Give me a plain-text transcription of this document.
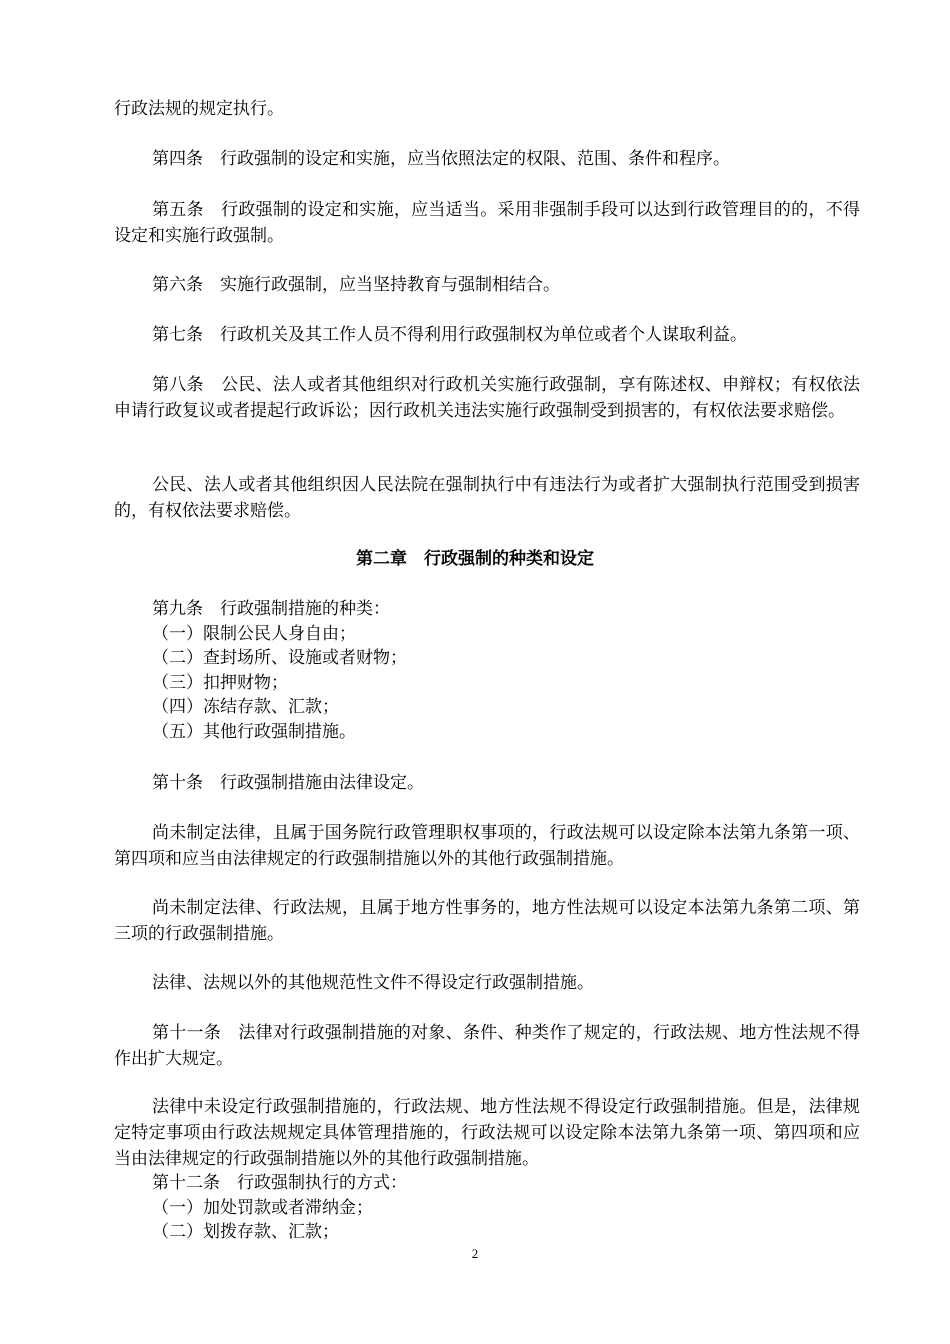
行政法规的规定执行。

第四条　行政强制的设定和实施，应当依照法定的权限、范围、条件和程序。

第五条　行政强制的设定和实施，应当适当。采用非强制手段可以达到行政管理目的的，不得设定和实施行政强制。

第六条　实施行政强制，应当坚持教育与强制相结合。

第七条　行政机关及其工作人员不得利用行政强制权为单位或者个人谋取利益。

第八条　公民、法人或者其他组织对行政机关实施行政强制，享有陈述权、申辩权；有权依法申请行政复议或者提起行政诉讼；因行政机关违法实施行政强制受到损害的，有权依法要求赔偿。

公民、法人或者其他组织因人民法院在强制执行中有违法行为或者扩大强制执行范围受到损害的，有权依法要求赔偿。

第二章　行政强制的种类和设定

第九条　行政强制措施的种类：

（一）限制公民人身自由；

（二）查封场所、设施或者财物；

（三）扣押财物；

（四）冻结存款、汇款；

（五）其他行政强制措施。

第十条　行政强制措施由法律设定。

尚未制定法律，且属于国务院行政管理职权事项的，行政法规可以设定除本法第九条第一项、第四项和应当由法律规定的行政强制措施以外的其他行政强制措施。

尚未制定法律、行政法规，且属于地方性事务的，地方性法规可以设定本法第九条第二项、第三项的行政强制措施。

法律、法规以外的其他规范性文件不得设定行政强制措施。

第十一条　法律对行政强制措施的对象、条件、种类作了规定的，行政法规、地方性法规不得作出扩大规定。

法律中未设定行政强制措施的，行政法规、地方性法规不得设定行政强制措施。但是，法律规定特定事项由行政法规规定具体管理措施的，行政法规可以设定除本法第九条第一项、第四项和应当由法律规定的行政强制措施以外的其他行政强制措施。

第十二条　行政强制执行的方式：

（一）加处罚款或者滞纳金；

（二）划拨存款、汇款；

2
